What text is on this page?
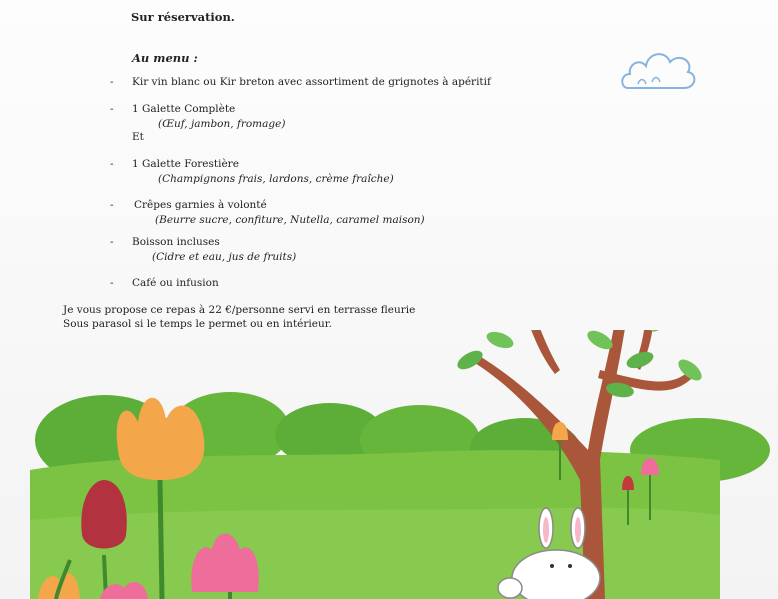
Sur réservation.
Au menu :
- Kir vin blanc ou Kir breton avec assortiment de grignotes à apéritif
- 1 Galette Complète
(Œuf, jambon, fromage)
Et
- 1 Galette Forestière
(Champignons frais, lardons, crème fraîche)
- Crêpes garnies à volonté
(Beurre sucre, confiture, Nutella, caramel maison)
- Boisson incluses
(Cidre et eau, jus de fruits)
- Café ou infusion
Je vous propose ce repas à 22 €/personne servi en terrasse fleurie
Sous parasol si le temps le permet ou en intérieur.
